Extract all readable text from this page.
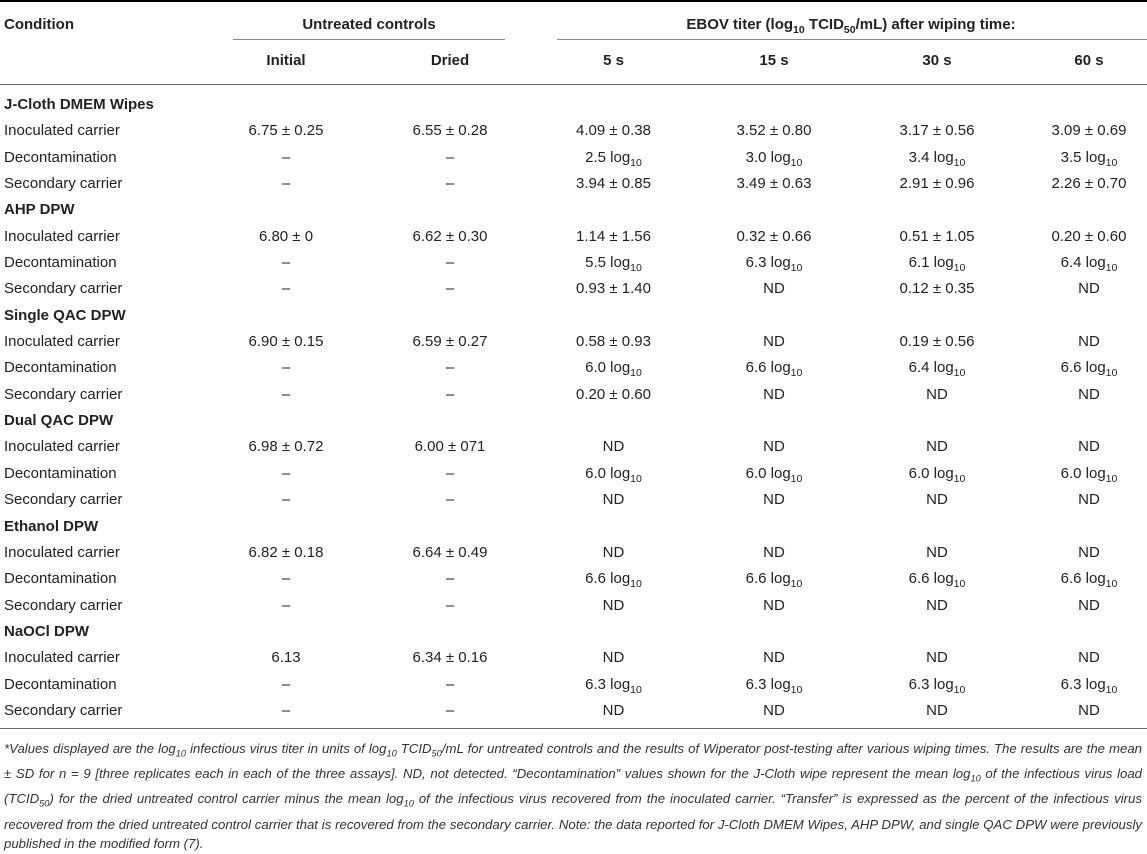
Condition	Untreated controls	EBOV titer ($\log_{10}$ $TCID_{50}/mL$) after wiping time:
Initial	Dried	5 s	15 s	30 s	60 s
J-Cloth DMEM Wipes
Inoculated carrier	6.75 ± 0.25	6.55 ± 0.28	4.09 ± 0.38	3.52 ± 0.80	3.17 ± 0.56	3.09 ± 0.69
Decontamination	–	–	2.5 $\log_{10}$	3.0 $\log_{10}$	3.4 $\log_{10}$	3.5 $\log_{10}$
Secondary carrier	–	–	3.94 ± 0.85	3.49 ± 0.63	2.91 ± 0.96	2.26 ± 0.70
AHP DPW
Inoculated carrier	6.80 ± 0	6.62 ± 0.30	1.14 ± 1.56	0.32 ± 0.66	0.51 ± 1.05	0.20 ± 0.60
Decontamination	–	–	5.5 $\log_{10}$	6.3 $\log_{10}$	6.1 $\log_{10}$	6.4 $\log_{10}$
Secondary carrier	–	–	0.93 ± 1.40	ND	0.12 ± 0.35	ND
Single QAC DPW
Inoculated carrier	6.90 ± 0.15	6.59 ± 0.27	0.58 ± 0.93	ND	0.19 ± 0.56	ND
Decontamination	–	–	6.0 $\log_{10}$	6.6 $\log_{10}$	6.4 $\log_{10}$	6.6 $\log_{10}$
Secondary carrier	–	–	0.20 ± 0.60	ND	ND	ND
Dual QAC DPW
Inoculated carrier	6.98 ± 0.72	6.00 ± 071	ND	ND	ND	ND
Decontamination	–	–	6.0 $\log_{10}$	6.0 $\log_{10}$	6.0 $\log_{10}$	6.0 $\log_{10}$
Secondary carrier	–	–	ND	ND	ND	ND
Ethanol DPW
Inoculated carrier	6.82 ± 0.18	6.64 ± 0.49	ND	ND	ND	ND
Decontamination	–	–	6.6 $\log_{10}$	6.6 $\log_{10}$	6.6 $\log_{10}$	6.6 $\log_{10}$
Secondary carrier	–	–	ND	ND	ND	ND
NaOCl DPW
Inoculated carrier	6.13	6.34 ± 0.16	ND	ND	ND	ND
Decontamination	–	–	6.3 $\log_{10}$	6.3 $\log_{10}$	6.3 $\log_{10}$	6.3 $\log_{10}$
Secondary carrier	–	–	ND	ND	ND	ND
*Values displayed are the $\log_{10}$ infectious virus titer in units of $\log_{10}$ $TCID_{50}/mL$ for untreated controls and the results of Wiperator post-testing after various wiping times. The results are the mean ± SD for n = 9 [three replicates each in each of the three assays]. ND, not detected. “Decontamination” values shown for the J-Cloth wipe represent the mean $\log_{10}$ of the infectious virus load $(TCID_{50})$ for the dried untreated control carrier minus the mean $\log_{10}$ of the infectious virus recovered from the inoculated carrier. “Transfer” is expressed as the percent of the infectious virus recovered from the dried untreated control carrier that is recovered from the secondary carrier. Note: the data reported for J-Cloth DMEM Wipes, AHP DPW, and single QAC DPW were previously published in the modified form (7).
